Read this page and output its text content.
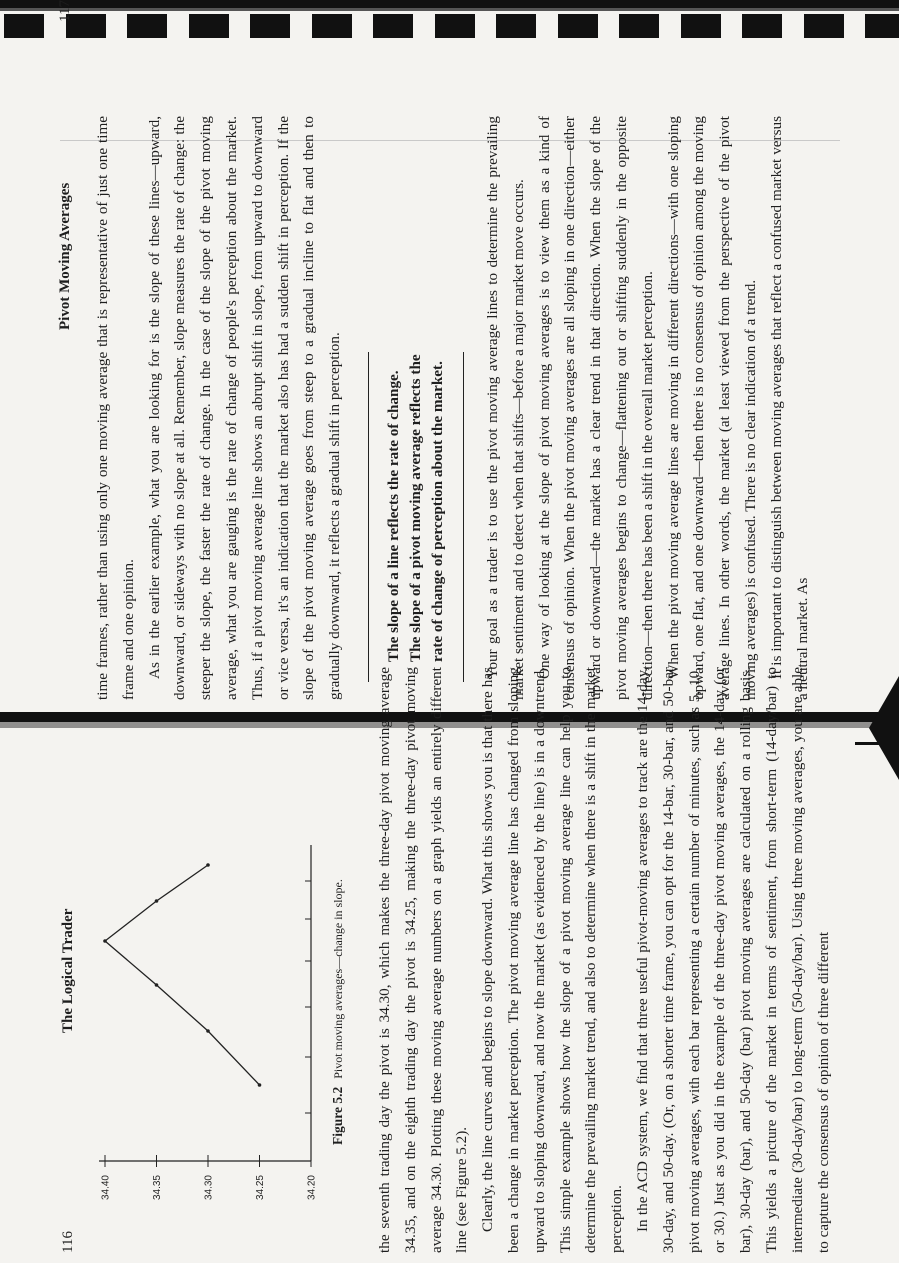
Pivot Moving Averages
117

time frames, rather than using only one moving average that is representative of just one time frame and one opinion. As in the earlier example, what you are looking for is the slope of these lines—upward, downward, or sideways with no slope at all. Remember, slope measures the rate of change: the steeper the slope, the faster the rate of change. In the case of the slope of the pivot moving average, what you are gauging is the rate of change of people's perception about the market. Thus, if a pivot moving average line shows an abrupt shift in slope, from upward to downward or vice versa, it's an indication that the market also has had a sudden shift in perception. If the slope of the pivot moving average goes from steep to a gradual incline to flat and then to gradually downward, it reflects a gradual shift in perception.	The slope of a line reflects the rate of change. The slope of a pivot moving average reflects the rate of change of perception about the market.	Your goal as a trader is to use the pivot moving average lines to determine the prevailing market sentiment and to detect when that shifts—before a major market move occurs. One way of looking at the slope of pivot moving averages is to view them as a kind of consensus of opinion. When the pivot moving averages are all sloping in one direction—either upward or downward—the market has a clear trend in that direction. When the slope of the pivot moving averages begins to change—flattening out or shifting suddenly in the opposite direction—then there has been a shift in the overall market perception. When the pivot moving average lines are moving in different directions—with one sloping upward, one flat, and one downward—then there is no consensus of opinion among the moving average lines. In other words, the market (at least viewed from the perspective of the pivot moving averages) is confused. There is no clear indication of a trend. It is important to distinguish between moving averages that reflect a confused market versus a neutral market. As

116
The Logical Trader
34.20
34.25
34.30
34.35
34.40
Figure 5.2Pivot moving averages—change in slope. the seventh trading day the pivot is 34.30, which makes the three-day pivot moving average 34.35, and on the eighth trading day the pivot is 34.25, making the three-day pivot moving average 34.30. Plotting these moving average numbers on a graph yields an entirely different line (see Figure 5.2). Clearly, the line curves and begins to slope downward. What this shows you is that there has been a change in market perception. The pivot moving average line has changed from sloping upward to sloping downward, and now the market (as evidenced by the line) is in a downtrend. This simple example shows how the slope of a pivot moving average line can help you to determine the prevailing market trend, and also to determine when there is a shift in the market perception. In the ACD system, we find that three useful pivot-moving averages to track are the 14-day, 30-day, and 50-day. (Or, on a shorter time frame, you can opt for the 14-bar, 30-bar, and 50-bar pivot moving averages, with each bar representing a certain number of minutes, such as 5, 10, or 30.) Just as you did in the example of the three-day pivot moving averages, the 14-day (or bar), 30-day (bar), and 50-day (bar) pivot moving averages are calculated on a rolling basis. This yields a picture of the market in terms of sentiment, from short-term (14-day/bar) to intermediate (30-day/bar) to long-term (50-day/bar). Using three moving averages, you are able to capture the consensus of opinion of three different
